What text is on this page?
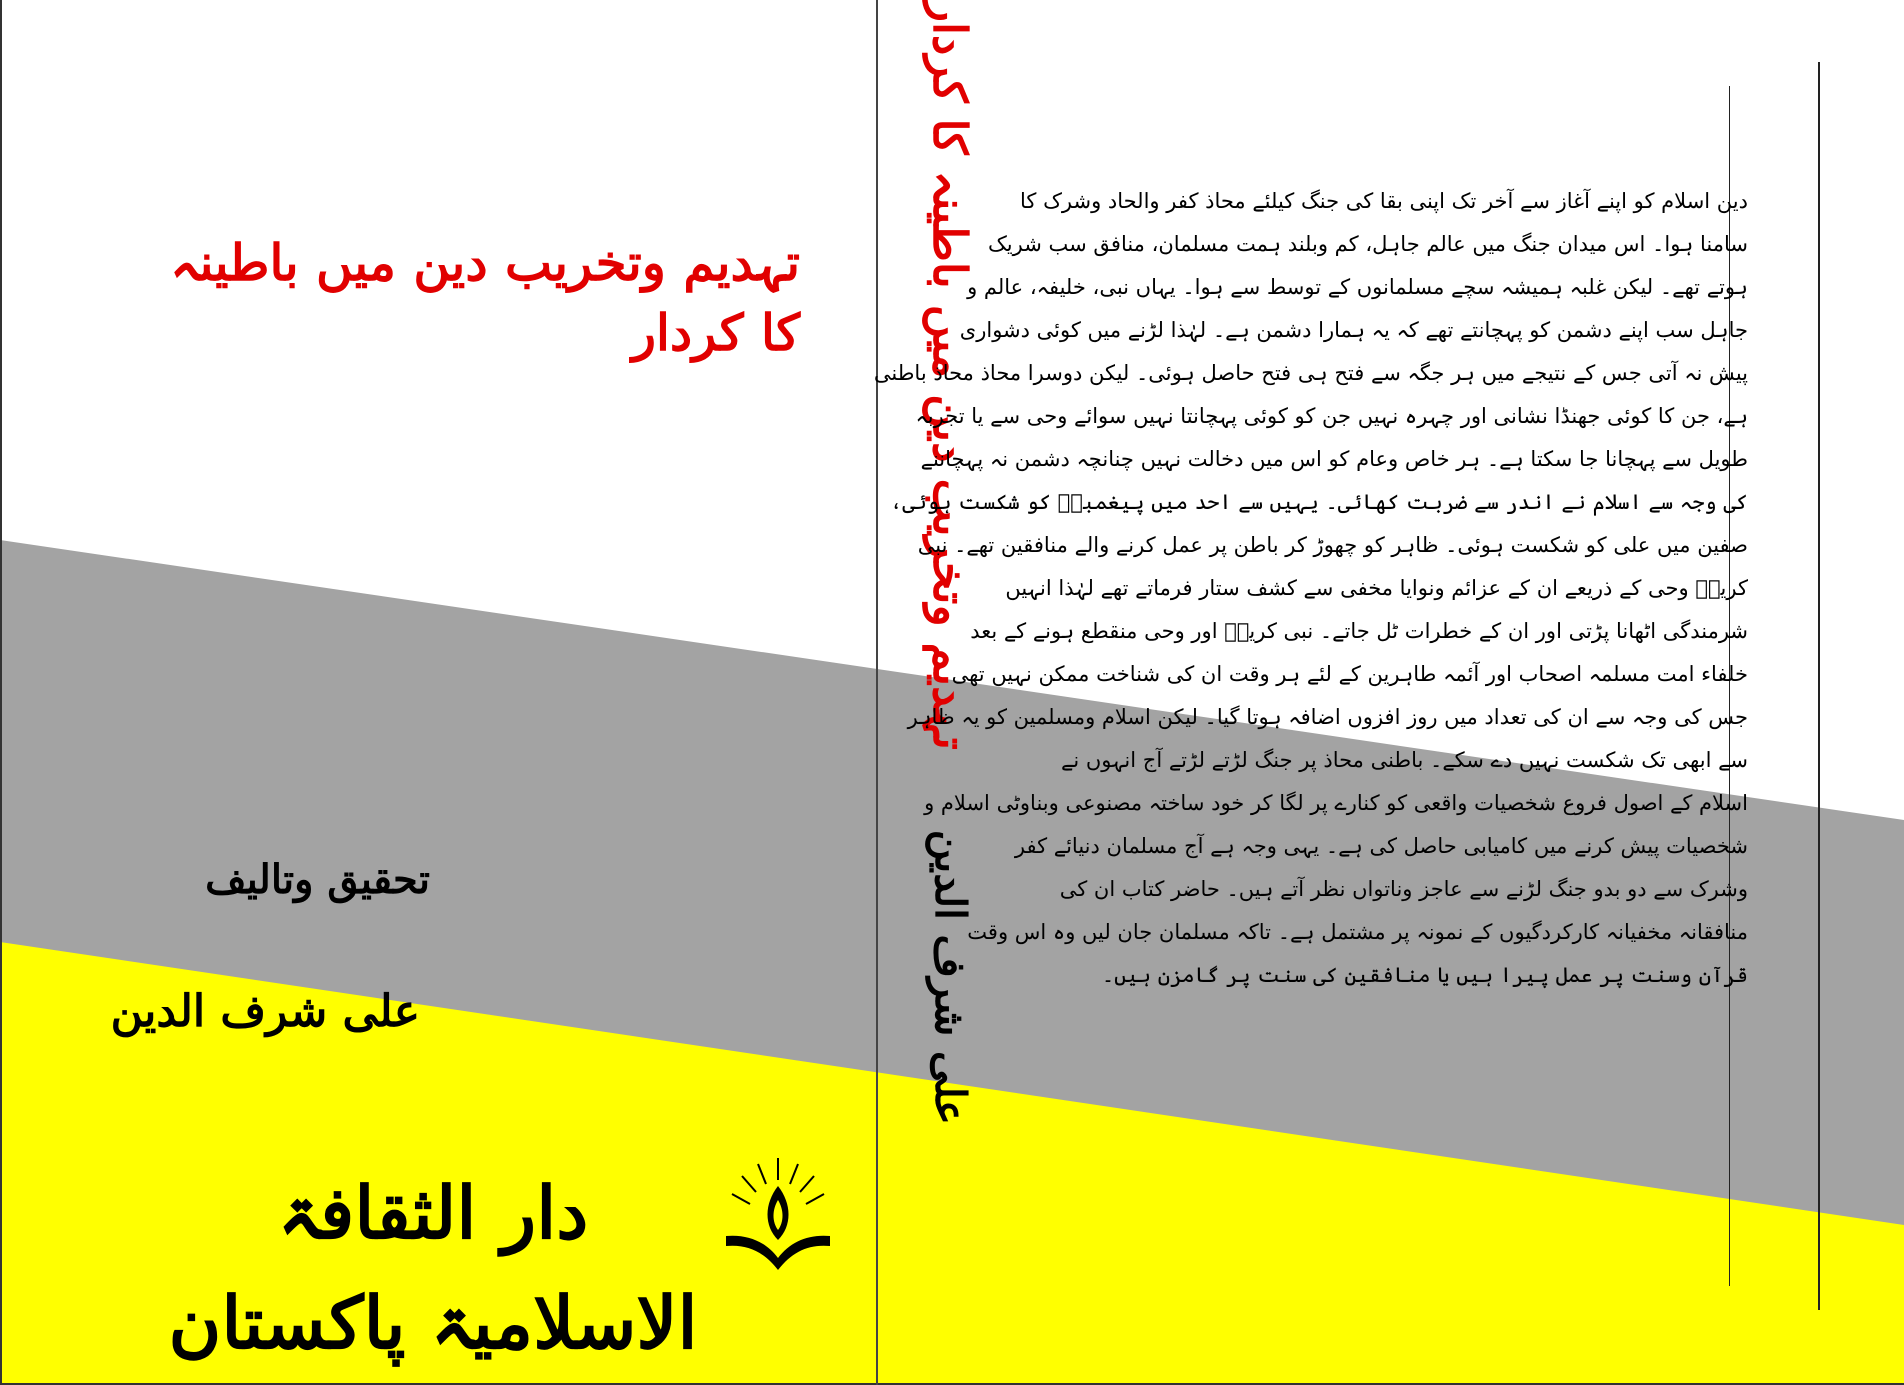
تہدیم وتخریب دین میں باطینہ کا کردار
تحقیق وتالیف
علی شرف الدین
دار الثقافۃ الاسلامیۃ پاکستان
تہدیم وتخریب دین میں باطینہ کا کردار
علی شرف الدین
دین اسلام کو اپنے آغاز سے آخر تک اپنی بقا کی جنگ کیلئے محاذ کفر والحاد وشرک کا
سامنا ہوا۔ اس میدان جنگ میں عالم جاہل، کم وبلند ہمت مسلمان، منافق سب شریک
ہوتے تھے۔ لیکن غلبہ ہمیشہ سچے مسلمانوں کے توسط سے ہوا۔ یہاں نبی، خلیفہ، عالم و
جاہل سب اپنے دشمن کو پہچانتے تھے کہ یہ ہمارا دشمن ہے۔ لہٰذا لڑنے میں کوئی دشواری
پیش نہ آتی جس کے نتیجے میں ہر جگہ سے فتح ہی فتح حاصل ہوئی۔ لیکن دوسرا محاذ محاذ باطنی
ہے، جن کا کوئی جھنڈا نشانی اور چہرہ نہیں جن کو کوئی پہچانتا نہیں سوائے وحی سے یا تجربہ
طویل سے پہچانا جا سکتا ہے۔ ہر خاص وعام کو اس میں دخالت نہیں چنانچہ دشمن نہ پہچاننے
کی وجہ سے اسلام نے اندر سے ضربت کھائی۔ یہیں سے احد میں پیغمبرؐ کو شکست ہوئی،
صفین میں علی کو شکست ہوئی۔ ظاہر کو چھوڑ کر باطن پر عمل کرنے والے منافقین تھے۔ نبی
کریمؐ وحی کے ذریعے ان کے عزائم ونوایا مخفی سے کشف ستار فرماتے تھے لہٰذا انہیں
شرمندگی اٹھانا پڑتی اور ان کے خطرات ٹل جاتے۔ نبی کریمؐ اور وحی منقطع ہونے کے بعد
خلفاء امت مسلمہ اصحاب اور آئمہ طاہرین کے لئے ہر وقت ان کی شناخت ممکن نہیں تھی
جس کی وجہ سے ان کی تعداد میں روز افزوں اضافہ ہوتا گیا۔ لیکن اسلام ومسلمین کو یہ ظاہر
سے ابھی تک شکست نہیں دے سکے۔ باطنی محاذ پر جنگ لڑتے لڑتے آج انہوں نے
اسلام کے اصول فروع شخصیات واقعی کو کنارے پر لگا کر خود ساختہ مصنوعی وبناوٹی اسلام و
شخصیات پیش کرنے میں کامیابی حاصل کی ہے۔ یہی وجہ ہے آج مسلمان دنیائے کفر
وشرک سے دو بدو جنگ لڑنے سے عاجز وناتواں نظر آتے ہیں۔ حاضر کتاب ان کی
منافقانہ مخفیانہ کارکردگیوں کے نمونہ پر مشتمل ہے۔ تاکہ مسلمان جان لیں وہ اس وقت
قرآن وسنت پر عمل پیرا ہیں یا منافقین کی سنت پر گامزن ہیں۔
